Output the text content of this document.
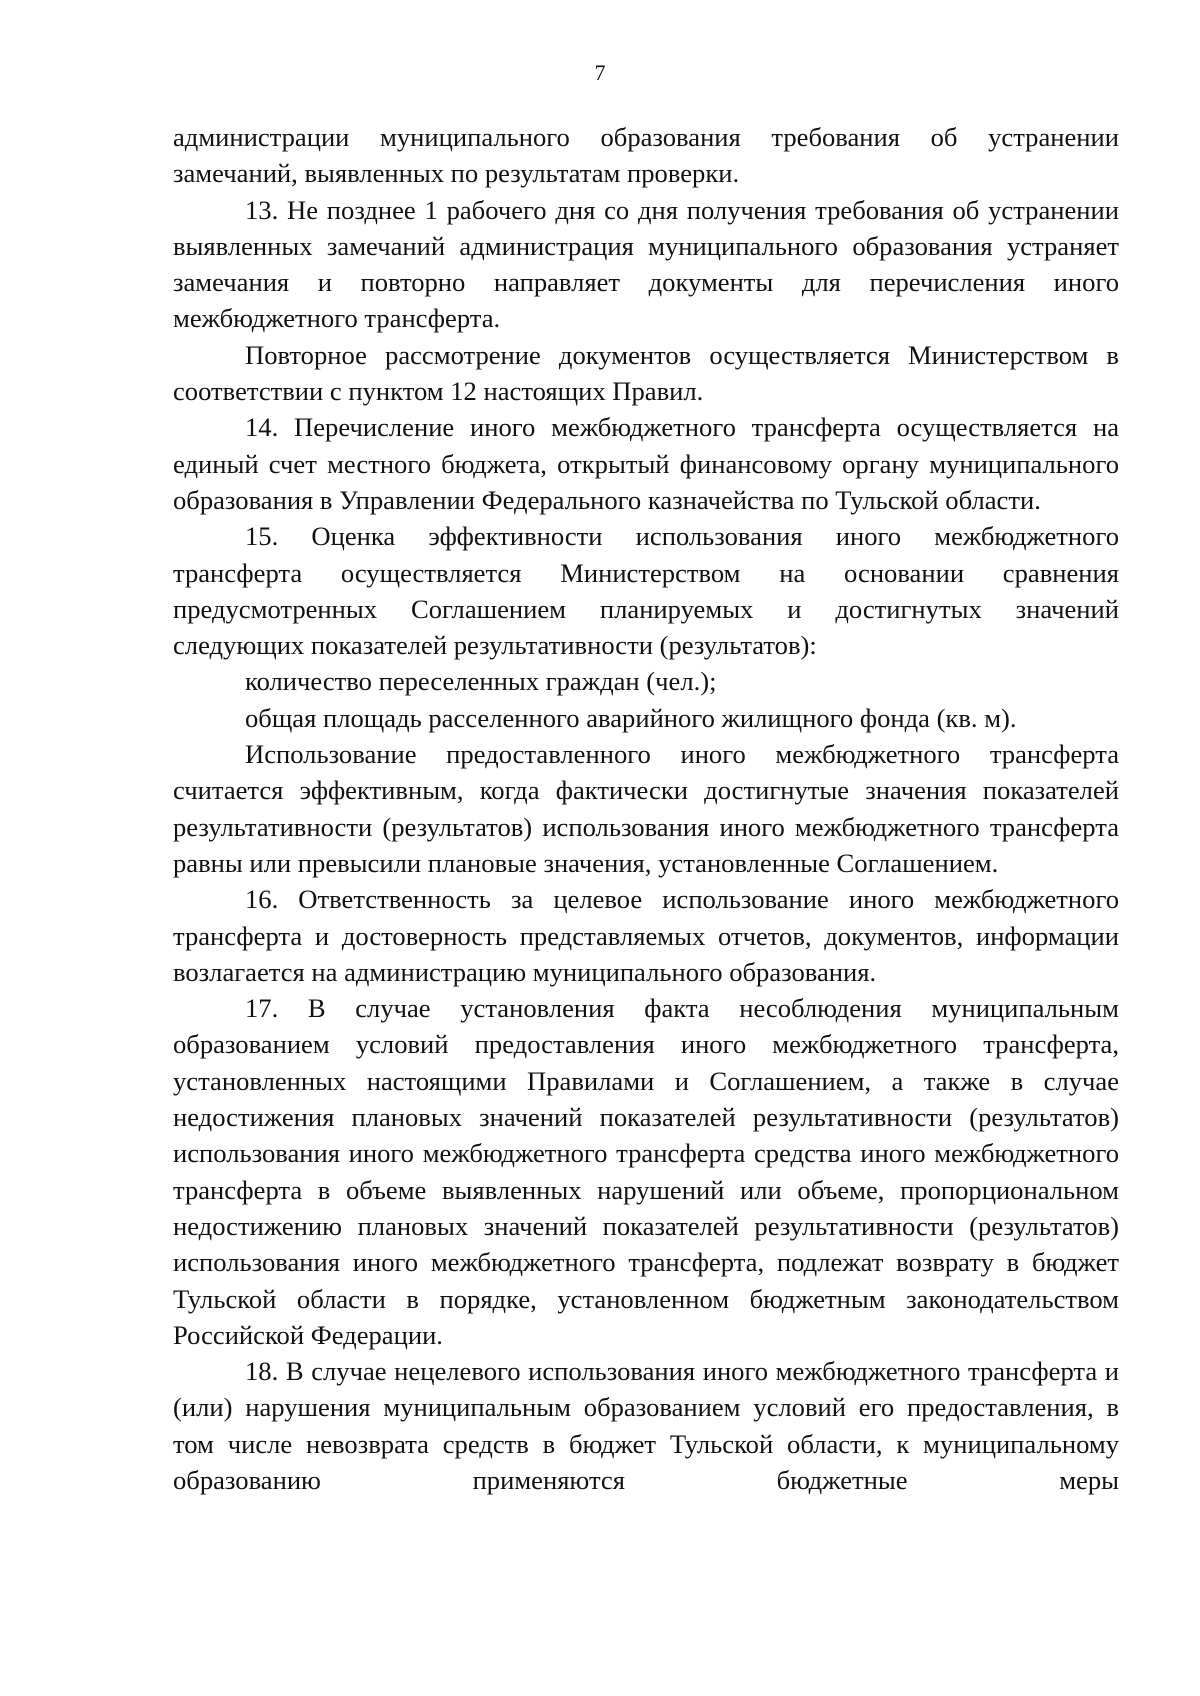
7

администрации муниципального образования требования об устранении замечаний, выявленных по результатам проверки.

13. Не позднее 1 рабочего дня со дня получения требования об устранении выявленных замечаний администрация муниципального образования устраняет замечания и повторно направляет документы для перечисления иного межбюджетного трансферта.

Повторное рассмотрение документов осуществляется Министерством в соответствии с пунктом 12 настоящих Правил.

14. Перечисление иного межбюджетного трансферта осуществляется на единый счет местного бюджета, открытый финансовому органу муниципального образования в Управлении Федерального казначейства по Тульской области.

15. Оценка эффективности использования иного межбюджетного трансферта осуществляется Министерством на основании сравнения предусмотренных Соглашением планируемых и достигнутых значений следующих показателей результативности (результатов):

количество переселенных граждан (чел.);

общая площадь расселенного аварийного жилищного фонда (кв. м).

Использование предоставленного иного межбюджетного трансферта считается эффективным, когда фактически достигнутые значения показателей результативности (результатов) использования иного межбюджетного трансферта равны или превысили плановые значения, установленные Соглашением.

16. Ответственность за целевое использование иного межбюджетного трансферта и достоверность представляемых отчетов, документов, информации возлагается на администрацию муниципального образования.

17. В случае установления факта несоблюдения муниципальным образованием условий предоставления иного межбюджетного трансферта, установленных настоящими Правилами и Соглашением, а также в случае недостижения плановых значений показателей результативности (результатов) использования иного межбюджетного трансферта средства иного межбюджетного трансферта в объеме выявленных нарушений или объеме, пропорциональном недостижению плановых значений показателей результативности (результатов) использования иного межбюджетного трансферта, подлежат возврату в бюджет Тульской области в порядке, установленном бюджетным законодательством Российской Федерации.

18. В случае нецелевого использования иного межбюджетного трансферта и (или) нарушения муниципальным образованием условий его предоставления, в том числе невозврата средств в бюджет Тульской области, к муниципальному образованию применяются бюджетные меры
